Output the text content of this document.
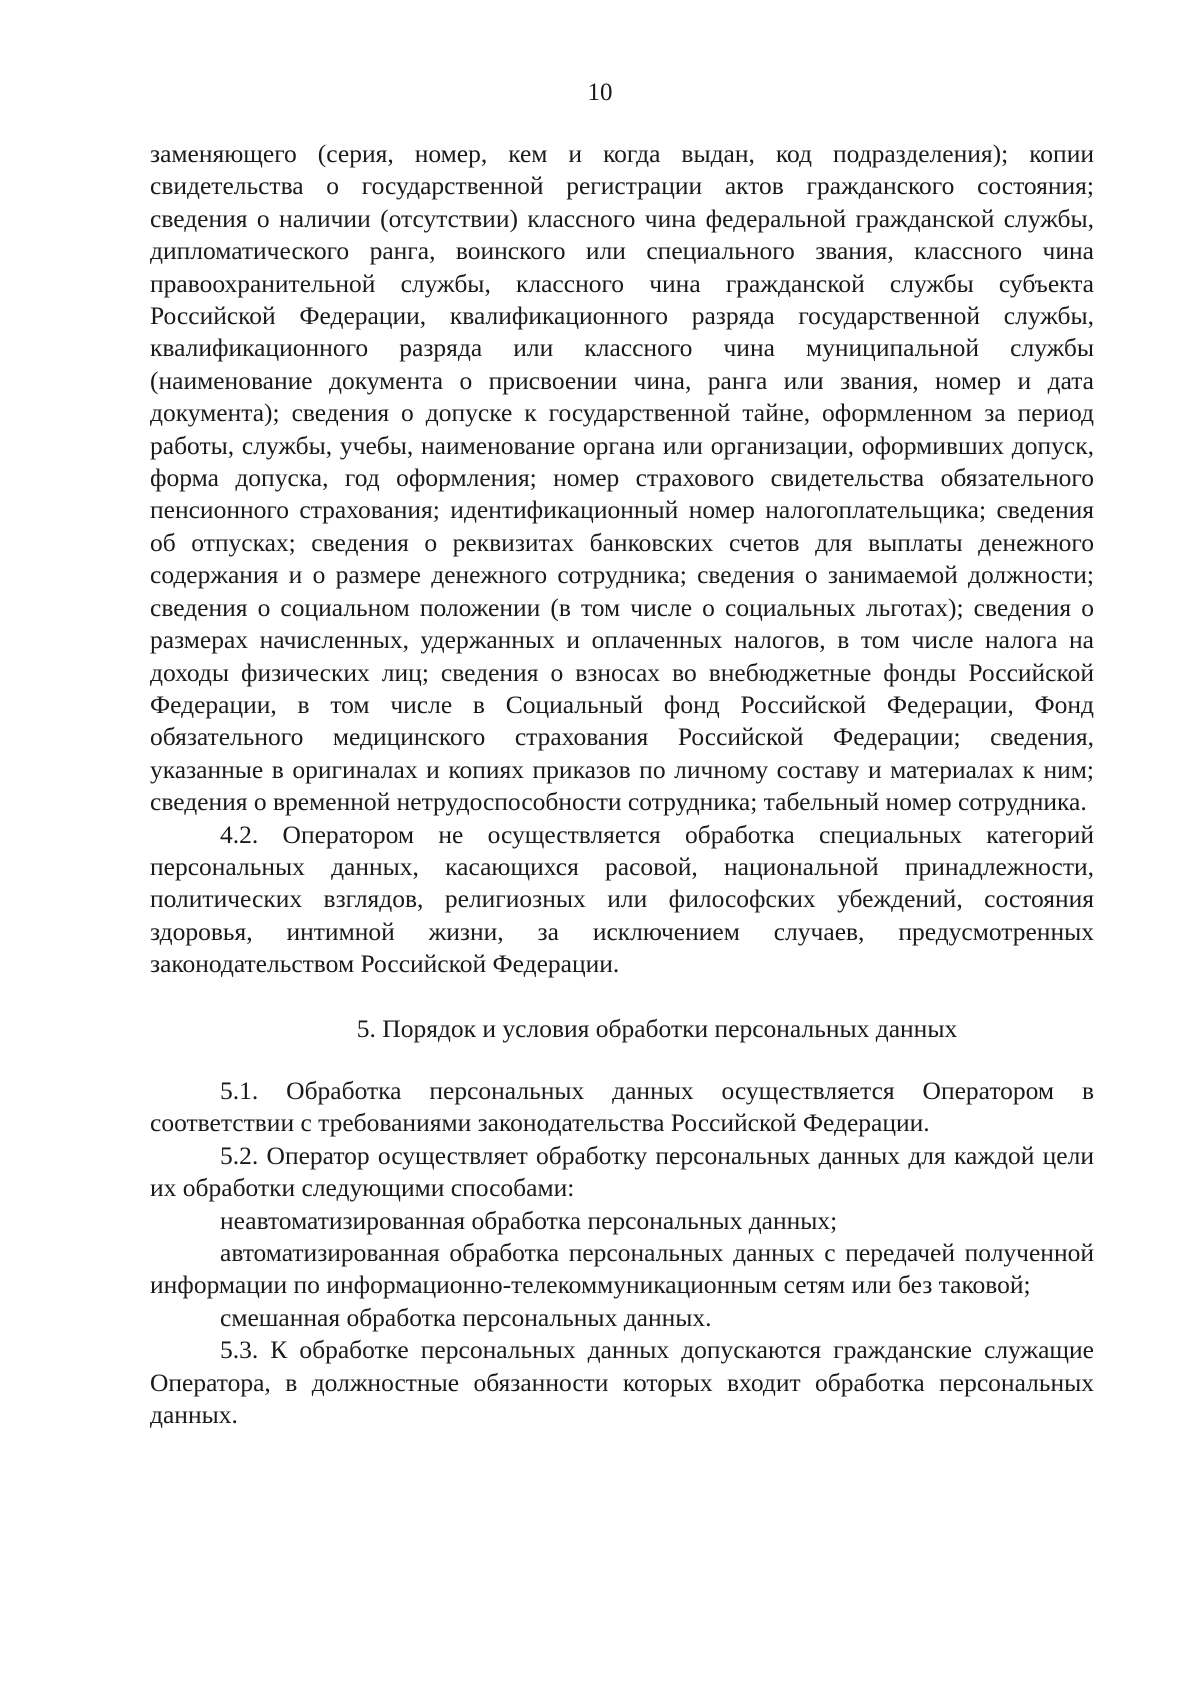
10

заменяющего (серия, номер, кем и когда выдан, код подразделения); копии свидетельства о государственной регистрации актов гражданского состояния; сведения о наличии (отсутствии) классного чина федеральной гражданской службы, дипломатического ранга, воинского или специального звания, классного чина правоохранительной службы, классного чина гражданской службы субъекта Российской Федерации, квалификационного разряда государственной службы, квалификационного разряда или классного чина муниципальной службы (наименование документа о присвоении чина, ранга или звания, номер и дата документа); сведения о допуске к государственной тайне, оформленном за период работы, службы, учебы, наименование органа или организации, оформивших допуск, форма допуска, год оформления; номер страхового свидетельства обязательного пенсионного страхования; идентификационный номер налогоплательщика; сведения об отпусках; сведения о реквизитах банковских счетов для выплаты денежного содержания и о размере денежного сотрудника; сведения о занимаемой должности; сведения о социальном положении (в том числе о социальных льготах); сведения о размерах начисленных, удержанных и оплаченных налогов, в том числе налога на доходы физических лиц; сведения о взносах во внебюджетные фонды Российской Федерации, в том числе в Социальный фонд Российской Федерации, Фонд обязательного медицинского страхования Российской Федерации; сведения, указанные в оригиналах и копиях приказов по личному составу и материалах к ним; сведения о временной нетрудоспособности сотрудника; табельный номер сотрудника.

4.2. Оператором не осуществляется обработка специальных категорий персональных данных, касающихся расовой, национальной принадлежности, политических взглядов, религиозных или философских убеждений, состояния здоровья, интимной жизни, за исключением случаев, предусмотренных законодательством Российской Федерации.

5. Порядок и условия обработки персональных данных

5.1. Обработка персональных данных осуществляется Оператором в соответствии с требованиями законодательства Российской Федерации.

5.2. Оператор осуществляет обработку персональных данных для каждой цели их обработки следующими способами:

неавтоматизированная обработка персональных данных;

автоматизированная обработка персональных данных с передачей полученной информации по информационно-телекоммуникационным сетям или без таковой;

смешанная обработка персональных данных.

5.3. К обработке персональных данных допускаются гражданские служащие Оператора, в должностные обязанности которых входит обработка персональных данных.
